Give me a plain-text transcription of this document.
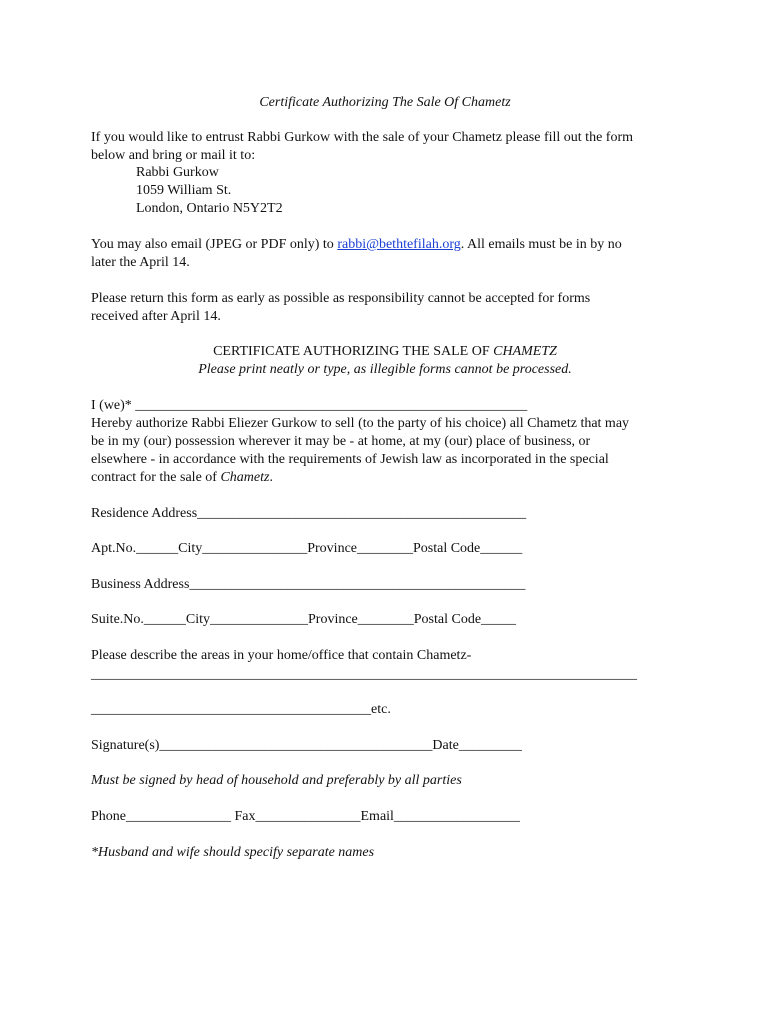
Certificate Authorizing The Sale Of Chametz
If you would like to entrust Rabbi Gurkow with the sale of your Chametz please fill out the form
below and bring or mail it to:
Rabbi Gurkow
1059 William St.
London, Ontario N5Y2T2
You may also email (JPEG or PDF only) to rabbi@bethtefilah.org. All emails must be in by no
later the April 14.
Please return this form as early as possible as responsibility cannot be accepted for forms
received after April 14.
CERTIFICATE AUTHORIZING THE SALE OF CHAMETZ
Please print neatly or type, as illegible forms cannot be processed.
I (we)* ________________________________________________________
Hereby authorize Rabbi Eliezer Gurkow to sell (to the party of his choice) all Chametz that may
be in my (our) possession wherever it may be - at home, at my (our) place of business, or
elsewhere - in accordance with the requirements of Jewish law as incorporated in the special
contract for the sale of Chametz.
Residence Address_______________________________________________
Apt.No.______City_______________Province________Postal Code______
Business Address________________________________________________
Suite.No.______City______________Province________Postal Code_____
Please describe the areas in your home/office that contain Chametz-
______________________________________________________________________________
________________________________________etc.
Signature(s)_______________________________________Date_________
Must be signed by head of household and preferably by all parties
Phone_______________ Fax_______________Email__________________
*Husband and wife should specify separate names
